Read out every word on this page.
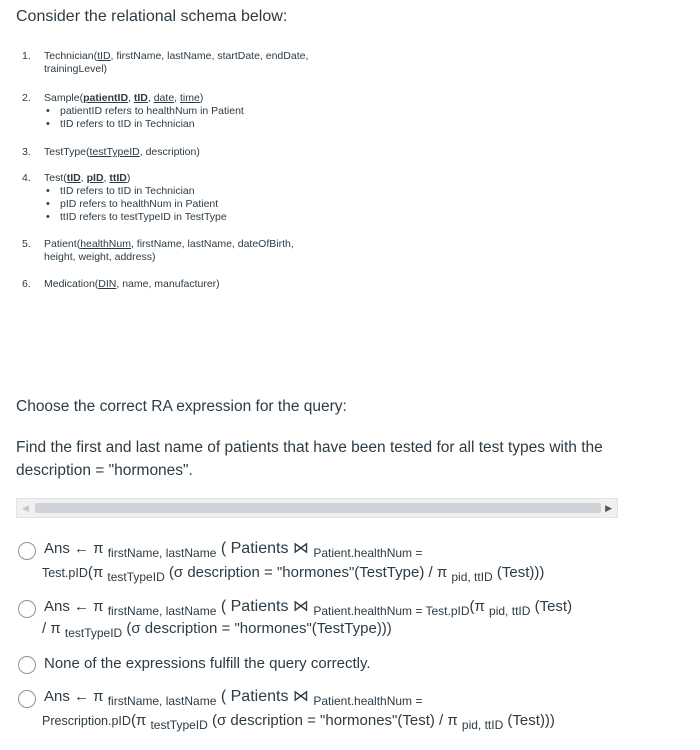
Consider the relational schema below:
1. Technician(tID, firstName, lastName, startDate, endDate,
trainingLevel)
2. Sample(patientID, tID, date, time)
• patientID refers to healthNum in Patient
• tID refers to tID in Technician
3. TestType(testTypeID, description)
4. Test(tID, pID, ttID)
• tID refers to tID in Technician
• pID refers to healthNum in Patient
• ttID refers to testTypeID in TestType
5. Patient(healthNum, firstName, lastName, dateOfBirth,
height, weight, address)
6. Medication(DIN, name, manufacturer)
Choose the correct RA expression for the query:
Find the first and last name of patients that have been tested for all test types with the description = "hormones".
◀	▶
Ans ← π $_{firstName, lastName}$ ( Patients ⋈ $_{Patient.healthNum =}$
Test.pID(π $_{testTypeID}$ (σ description = "hormones"(TestType) / π $_{pid, ttID}$ (Test)))
Ans ← π $_{firstName, lastName}$ ( Patients ⋈ $_{Patient.healthNum = Test.pID}$(π $_{pid, ttID}$ (Test)
/ π $_{testTypeID}$ (σ description = "hormones"(TestType)))
None of the expressions fulfill the query correctly.
Ans ← π $_{firstName, lastName}$ ( Patients ⋈ $_{Patient.healthNum =}$
Prescription.pID(π $_{testTypeID}$ (σ description = "hormones"(Test) / π $_{pid, ttID}$ (Test)))
